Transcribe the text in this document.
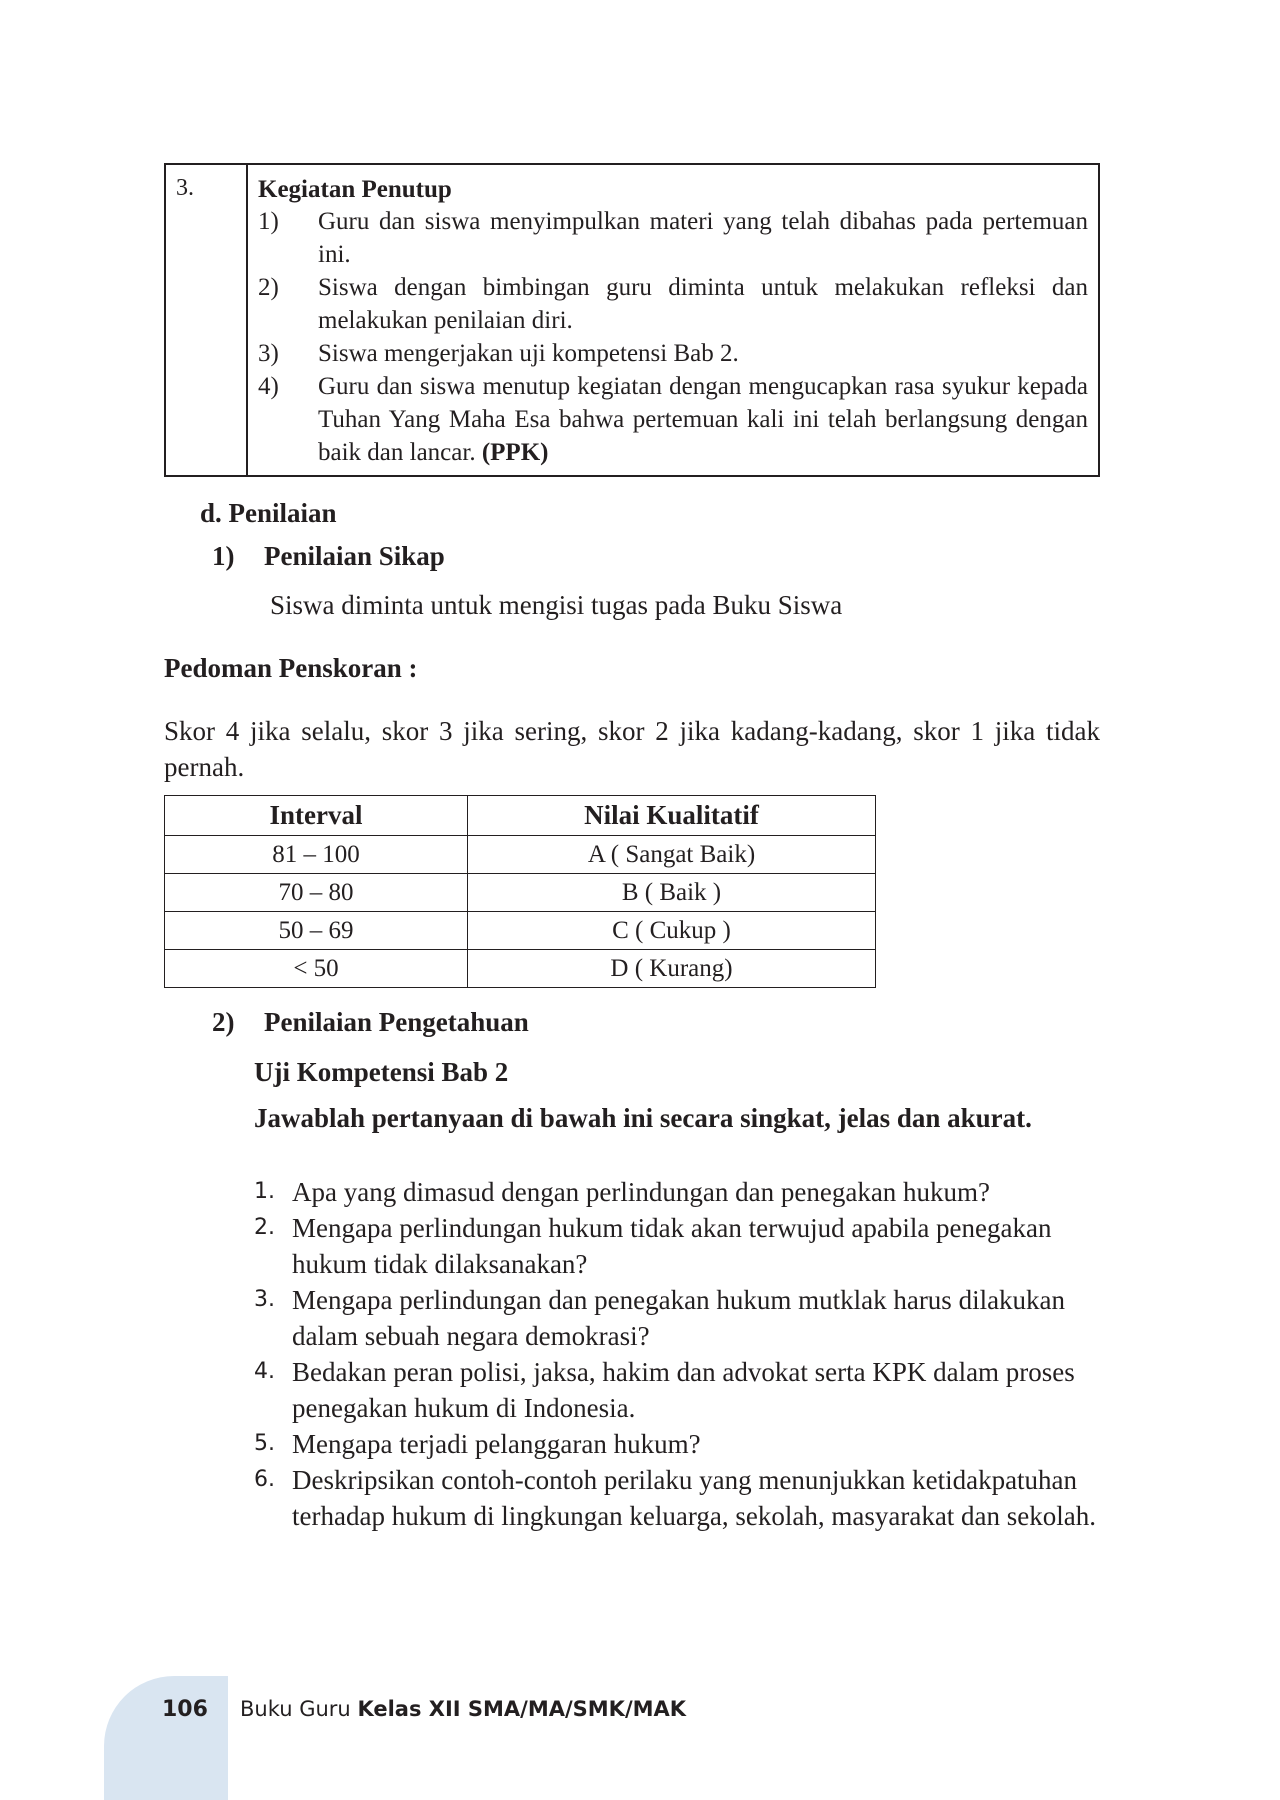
3.	Kegiatan Penutup
1)	Guru dan siswa menyimpulkan materi yang telah dibahas pada pertemuan ini.
2)	Siswa dengan bimbingan guru diminta untuk melakukan refleksi dan melakukan penilaian diri.
3)	Siswa mengerjakan uji kompetensi Bab 2.
4)	Guru dan siswa menutup kegiatan dengan mengucapkan rasa syukur kepada Tuhan Yang Maha Esa bahwa pertemuan kali ini telah berlangsung dengan baik dan lancar. (PPK)
d. Penilaian
1) Penilaian Sikap
Siswa diminta untuk mengisi tugas pada Buku Siswa
Pedoman Penskoran :
Skor 4 jika selalu, skor 3 jika sering, skor 2 jika kadang-kadang, skor 1 jika tidak pernah.
Interval	Nilai Kualitatif
81 – 100	A ( Sangat Baik)
70 – 80	B ( Baik )
50 – 69	C ( Cukup )
< 50	D ( Kurang)
2) Penilaian Pengetahuan
Uji Kompetensi Bab 2
Jawablah pertanyaan di bawah ini secara singkat, jelas dan akurat.
1. Apa yang dimasud dengan perlindungan dan penegakan hukum?
2. Mengapa perlindungan hukum tidak akan terwujud apabila penegakan hukum tidak dilaksanakan?
3. Mengapa perlindungan dan penegakan hukum mutklak harus dilakukan dalam sebuah negara demokrasi?
4. Bedakan peran polisi, jaksa, hakim dan advokat serta KPK dalam proses penegakan hukum di Indonesia.
5. Mengapa terjadi pelanggaran hukum?
6. Deskripsikan contoh-contoh perilaku yang menunjukkan ketidakpatuhan terhadap hukum di lingkungan keluarga, sekolah, masyarakat dan sekolah.
106 Buku Guru Kelas XII SMA/MA/SMK/MAK
